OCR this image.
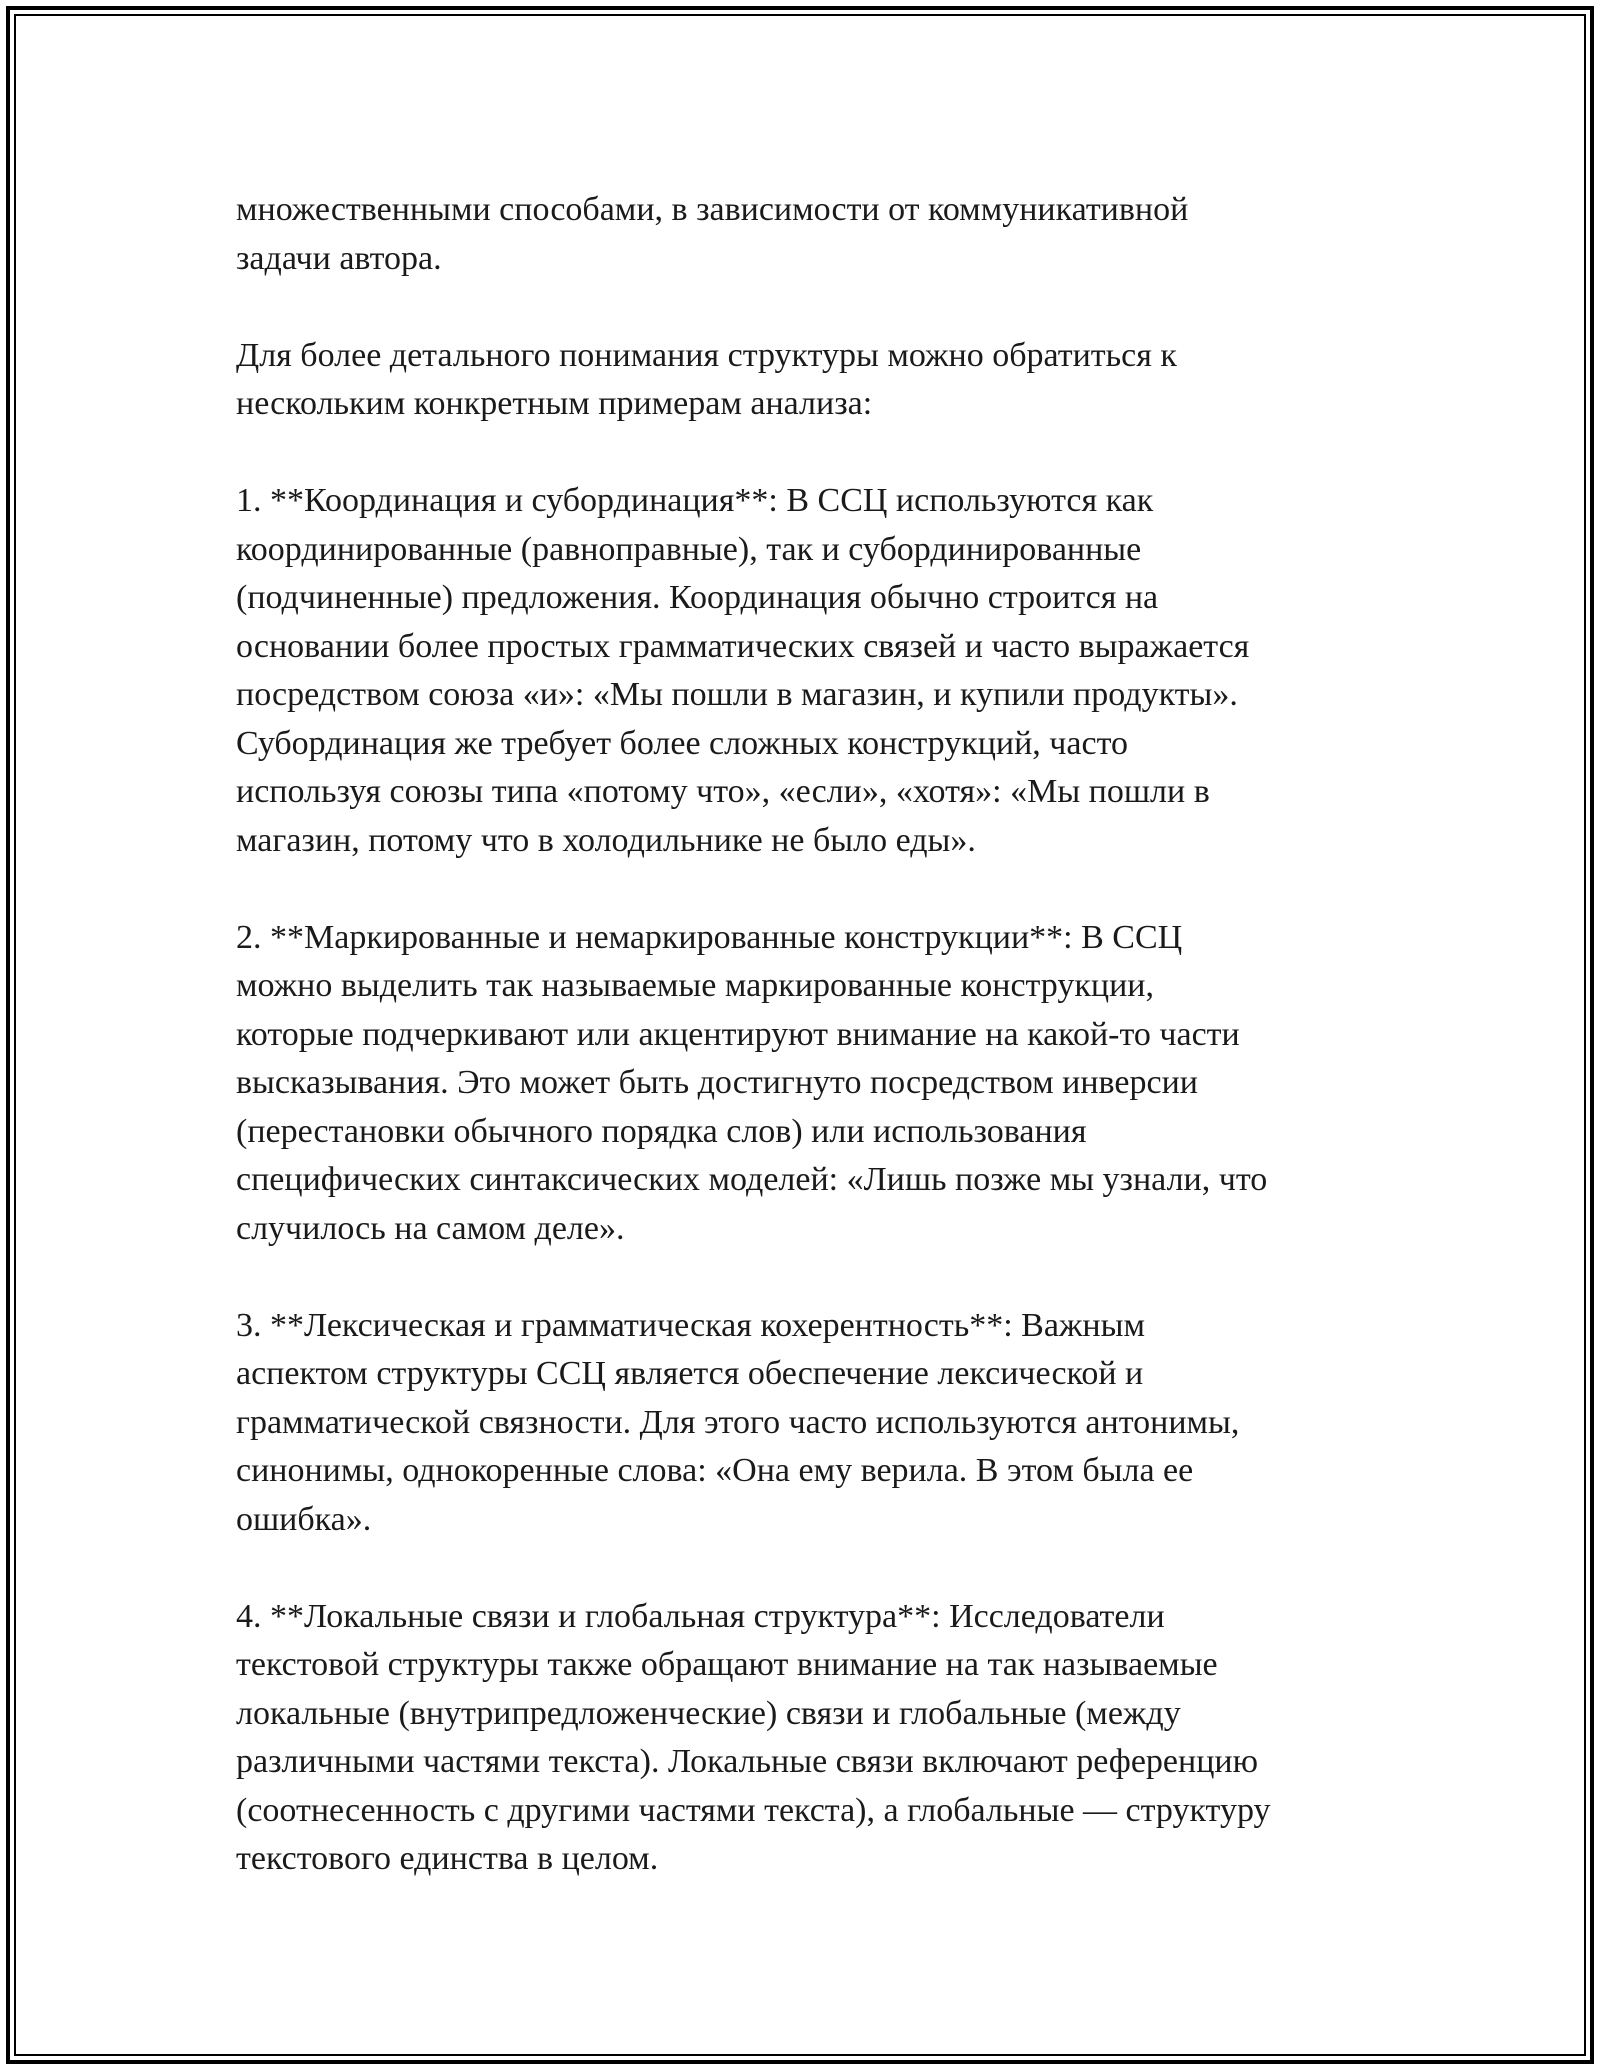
множественными способами, в зависимости от коммуникативной
задачи автора.

Для более детального понимания структуры можно обратиться к
нескольким конкретным примерам анализа:

1. **Координация и субординация**: В ССЦ используются как
координированные (равноправные), так и субординированные
(подчиненные) предложения. Координация обычно строится на
основании более простых грамматических связей и часто выражается
посредством союза «и»: «Мы пошли в магазин, и купили продукты».
Субординация же требует более сложных конструкций, часто
используя союзы типа «потому что», «если», «хотя»: «Мы пошли в
магазин, потому что в холодильнике не было еды».

2. **Маркированные и немаркированные конструкции**: В ССЦ
можно выделить так называемые маркированные конструкции,
которые подчеркивают или акцентируют внимание на какой-то части
высказывания. Это может быть достигнуто посредством инверсии
(перестановки обычного порядка слов) или использования
специфических синтаксических моделей: «Лишь позже мы узнали, что
случилось на самом деле».

3. **Лексическая и грамматическая кохерентность**: Важным
аспектом структуры ССЦ является обеспечение лексической и
грамматической связности. Для этого часто используются антонимы,
синонимы, однокоренные слова: «Она ему верила. В этом была ее
ошибка».

4. **Локальные связи и глобальная структура**: Исследователи
текстовой структуры также обращают внимание на так называемые
локальные (внутрипредложенческие) связи и глобальные (между
различными частями текста). Локальные связи включают референцию
(соотнесенность с другими частями текста), а глобальные — структуру
текстового единства в целом.
